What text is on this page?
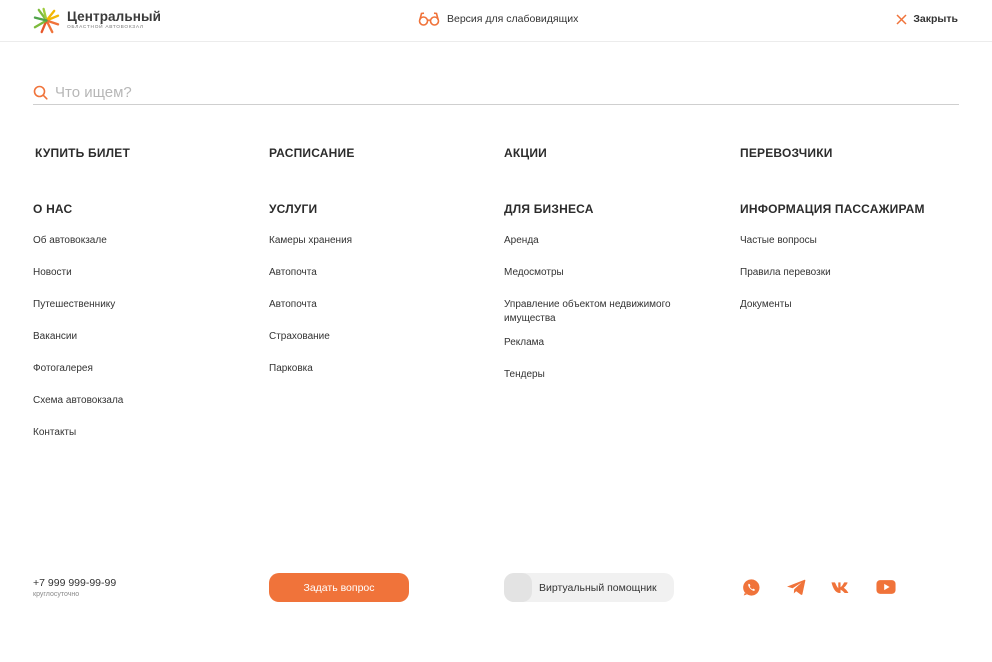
Центральный
ОБЛАСТНОЙ АВТОВОКЗАЛ
Версия для слабовидящих	Закрыть
Что ищем?
КУПИТЬ БИЛЕТ	РАСПИСАНИЕ	АКЦИИ	ПЕРЕВОЗЧИКИ
О НАС
Об автовокзале
Новости
Путешественнику
Вакансии
Фотогалерея
Схема автовокзала
Контакты
УСЛУГИ
Камеры хранения
Автопочта
Автопочта
Страхование
Парковка
ДЛЯ БИЗНЕСА
Аренда
Медосмотры
Управление объектом недвижимого имущества
Реклама
Тендеры
ИНФОРМАЦИЯ ПАССАЖИРАМ
Частые вопросы
Правила перевозки
Документы
+7 999 999-99-99
круглосуточно
Задать вопрос	Виртуальный помощник
